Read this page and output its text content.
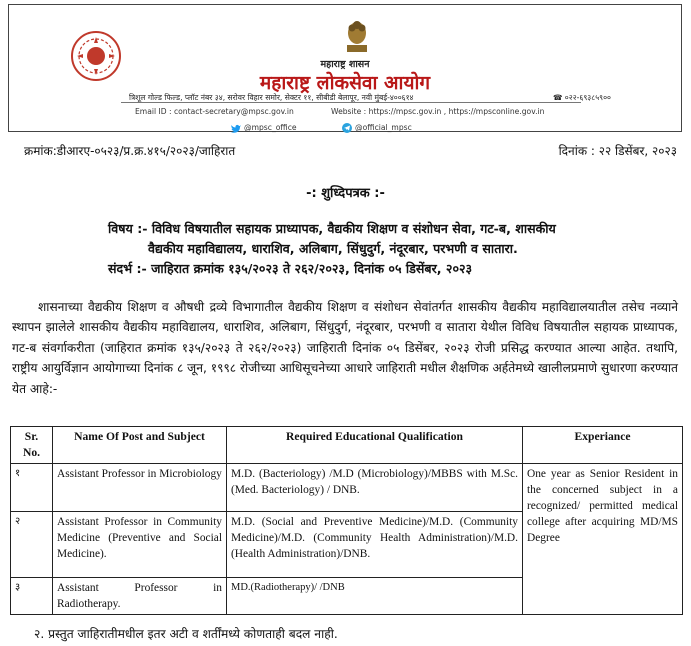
महाराष्ट्र शासन
महाराष्ट्र लोकसेवा आयोग
त्रिशूल गोल्ड फिल्ड, प्लॉट नंबर ३४, सरोवर विहार समोर, सेक्टर ११, सीबीडी बेलापूर, नवी मुंबई-४००६१४	☎ ०२२-६९३८५९००
Email ID : contact-secretary@mpsc.gov.in	Website : https://mpsc.gov.in , https://mpsconline.gov.in
@mpsc_office	@official_mpsc
क्रमांक:डीआरए-०५२३/प्र.क्र.४१५/२०२३/जाहिरात	दिनांक : २२ डिसेंबर, २०२३
-: शुध्दिपत्रक :-
विषय :- विविध विषयातील सहायक प्राध्यापक, वैद्यकीय शिक्षण व संशोधन सेवा, गट-ब, शासकीय
वैद्यकीय महाविद्यालय, धाराशिव, अलिबाग, सिंधुदुर्ग, नंदूरबार, परभणी व सातारा.
संदर्भ :- जाहिरात क्रमांक १३५/२०२३ ते २६२/२०२३, दिनांक ०५ डिसेंबर, २०२३
शासनाच्या वैद्यकीय शिक्षण व औषधी द्रव्ये विभागातील वैद्यकीय शिक्षण व संशोधन सेवांतर्गत शासकीय वैद्यकीय महाविद्यालयातील तसेच नव्याने स्थापन झालेले शासकीय वैद्यकीय महाविद्यालय, धाराशिव, अलिबाग, सिंधुदुर्ग, नंदूरबार, परभणी व सातारा येथील विविध विषयातील सहायक प्राध्यापक, गट-ब संवर्गाकरीता (जाहिरात क्रमांक १३५/२०२३ ते २६२/२०२३) जाहिराती दिनांक ०५ डिसेंबर, २०२३ रोजी प्रसिद्ध करण्यात आल्या आहेत. तथापि, राष्ट्रीय आयुर्विज्ञान आयोगाच्या दिनांक ८ जून, १९९८ रोजीच्या आधिसूचनेच्या आधारे जाहिराती मधील शैक्षणिक अर्हतेमध्ये खालीलप्रमाणे सुधारणा करण्यात येत आहे:-
Sr. No.	Name Of Post and Subject	Required Educational Qualification	Experiance
१	Assistant Professor in Microbiology	M.D. (Bacteriology) /M.D (Microbiology)/MBBS with M.Sc. (Med. Bacteriology) / DNB.	One year as Senior Resident in the concerned subject in a recognized/ permitted medical college after acquiring MD/MS Degree
२	Assistant Professor in Community Medicine (Preventive and Social Medicine).	M.D. (Social and Preventive Medicine)/M.D. (Community Medicine)/M.D. (Community Health Administration)/M.D. (Health Administration)/DNB.	
३	Assistant Professor in Radiotherapy.	MD.(Radiotherapy)/ /DNB	
२. प्रस्तुत जाहिरातीमधील इतर अटी व शर्तींमध्ये कोणताही बदल नाही.
